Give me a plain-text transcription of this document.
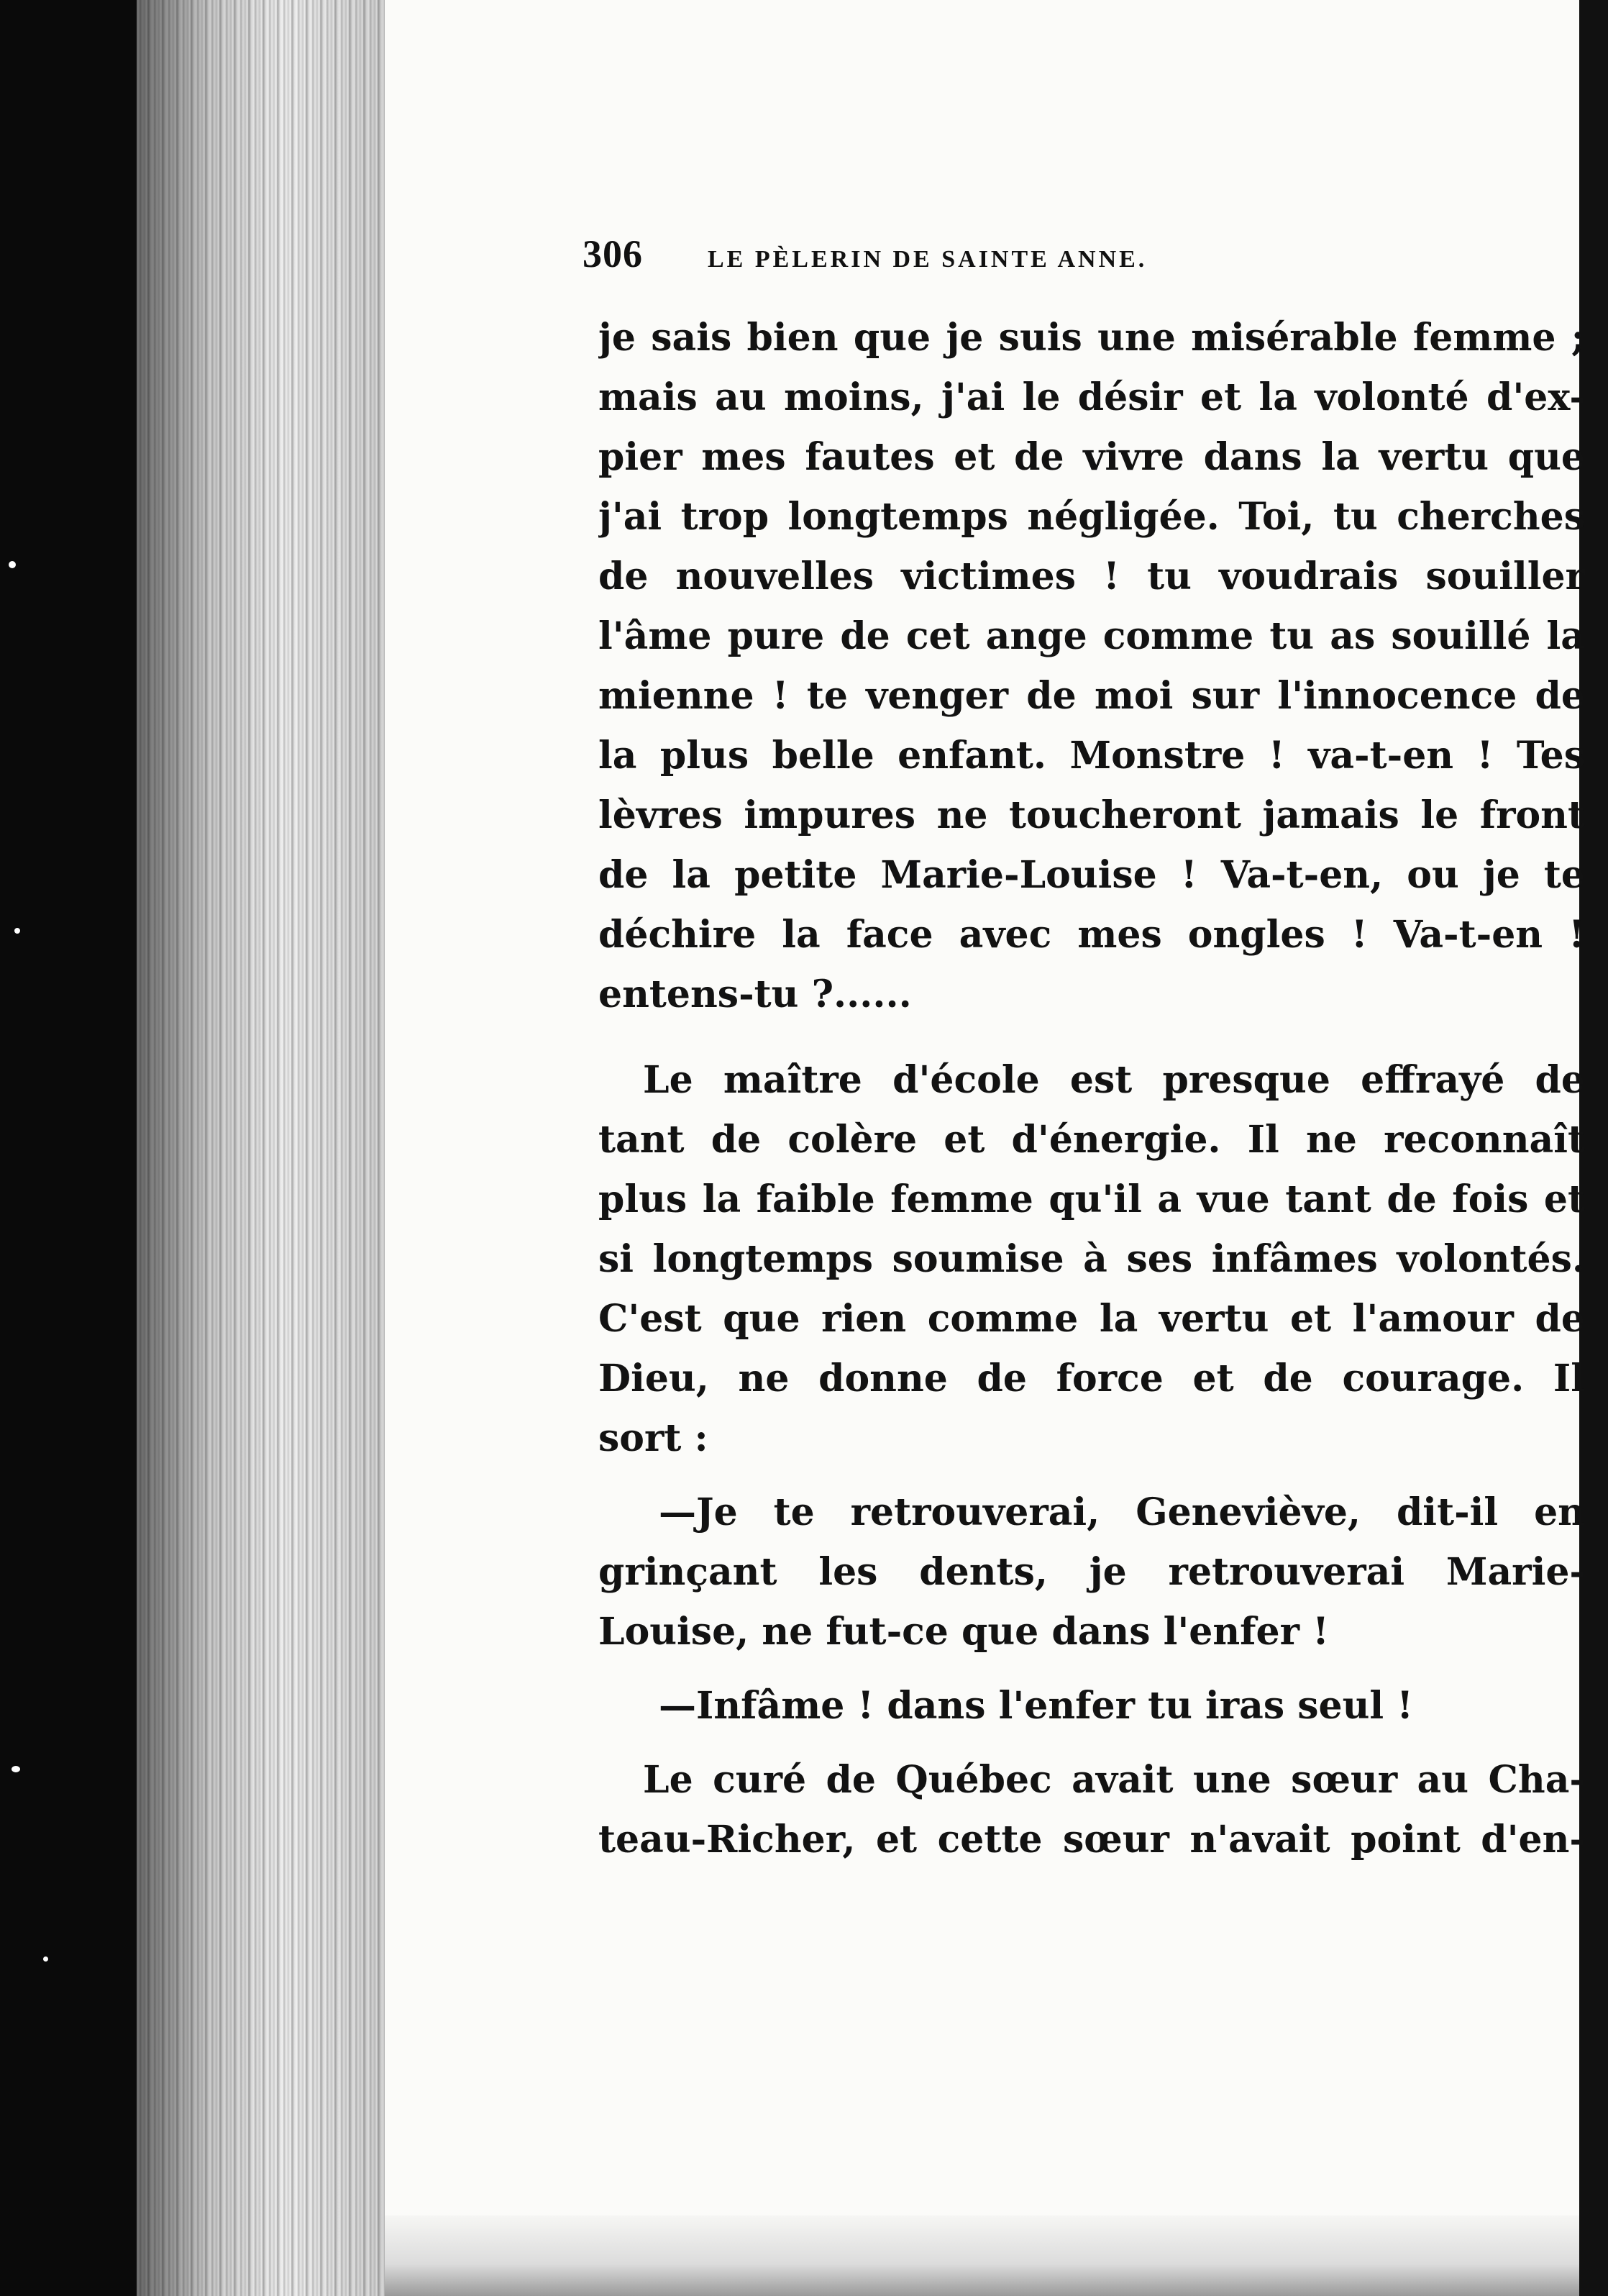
306	LE PÈLERIN DE SAINTE ANNE.
je sais bien que je suis une misérable femme ;
mais au moins, j'ai le désir et la volonté d'ex-
pier mes fautes et de vivre dans la vertu que
j'ai trop longtemps négligée. Toi, tu cherches
de nouvelles victimes ! tu voudrais souiller
l'âme pure de cet ange comme tu as souillé la
mienne ! te venger de moi sur l'innocence de
la plus belle enfant. Monstre ! va-t-en ! Tes
lèvres impures ne toucheront jamais le front
de la petite Marie-Louise ! Va-t-en, ou je te
déchire la face avec mes ongles ! Va-t-en !
entens-tu ?......
Le maître d'école est presque effrayé de
tant de colère et d'énergie. Il ne reconnaît
plus la faible femme qu'il a vue tant de fois et
si longtemps soumise à ses infâmes volontés.
C'est que rien comme la vertu et l'amour de
Dieu, ne donne de force et de courage. Il
sort :
—Je te retrouverai, Geneviève, dit-il en
grinçant les dents, je retrouverai Marie-
Louise, ne fut-ce que dans l'enfer !
—Infâme ! dans l'enfer tu iras seul !
Le curé de Québec avait une sœur au Cha-
teau-Richer, et cette sœur n'avait point d'en-
